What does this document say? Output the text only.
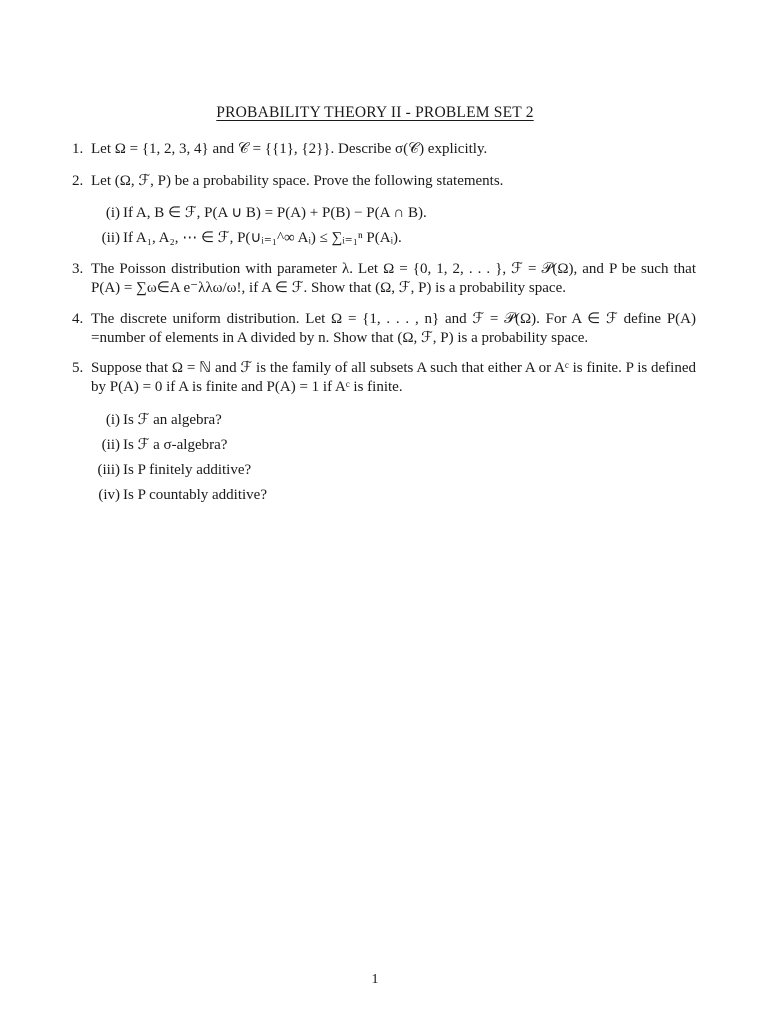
PROBABILITY THEORY II - PROBLEM SET 2
1. Let Ω = {1, 2, 3, 4} and 𝒞 = {{1}, {2}}. Describe σ(𝒞) explicitly.
2. Let (Ω, ℱ, P) be a probability space. Prove the following statements.
(i) If A, B ∈ ℱ, P(A ∪ B) = P(A) + P(B) − P(A ∩ B).
(ii) If A₁, A₂, ⋯ ∈ ℱ, P(∪ᵢ₌₁^∞ Aᵢ) ≤ ∑ᵢ₌₁ⁿ P(Aᵢ).
3. The Poisson distribution with parameter λ. Let Ω = {0, 1, 2, . . . }, ℱ = 𝒫(Ω), and P be such that P(A) = ∑ω∈A e⁻λλω/ω!, if A ∈ ℱ. Show that (Ω, ℱ, P) is a probability space.
4. The discrete uniform distribution. Let Ω = {1, . . . , n} and ℱ = 𝒫(Ω). For A ∈ ℱ define P(A) =number of elements in A divided by n. Show that (Ω, ℱ, P) is a probability space.
5. Suppose that Ω = ℕ and ℱ is the family of all subsets A such that either A or Aᶜ is finite. P is defined by P(A) = 0 if A is finite and P(A) = 1 if Aᶜ is finite.
(i) Is ℱ an algebra?
(ii) Is ℱ a σ-algebra?
(iii) Is P finitely additive?
(iv) Is P countably additive?
1
